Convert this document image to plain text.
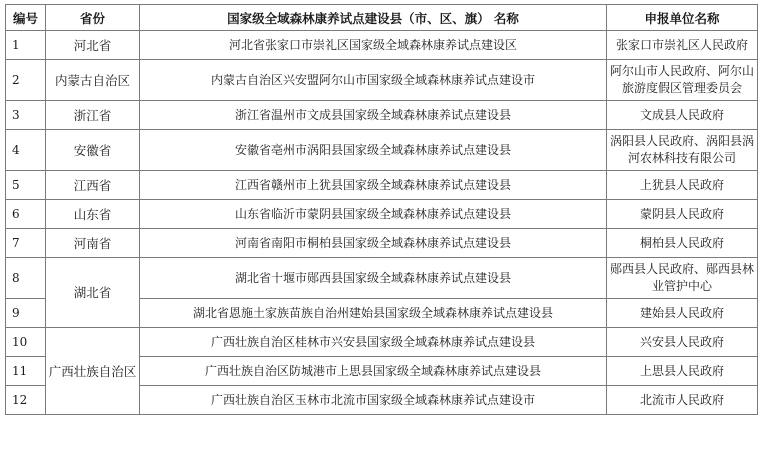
编号	省份	国家级全域森林康养试点建设县（市、区、旗） 名称	申报单位名称
1	河北省	河北省张家口市崇礼区国家级全域森林康养试点建设区	张家口市崇礼区人民政府
2	内蒙古自治区	内蒙古自治区兴安盟阿尔山市国家级全域森林康养试点建设市	阿尔山市人民政府、阿尔山旅游度假区管理委员会
3	浙江省	浙江省温州市文成县国家级全域森林康养试点建设县	文成县人民政府
4	安徽省	安徽省亳州市涡阳县国家级全域森林康养试点建设县	涡阳县人民政府、涡阳县涡河农林科技有限公司
5	江西省	江西省赣州市上犹县国家级全域森林康养试点建设县	上犹县人民政府
6	山东省	山东省临沂市蒙阴县国家级全域森林康养试点建设县	蒙阴县人民政府
7	河南省	河南省南阳市桐柏县国家级全域森林康养试点建设县	桐柏县人民政府
8	湖北省	湖北省十堰市郧西县国家级全域森林康养试点建设县	郧西县人民政府、郧西县林业管护中心
9		湖北省恩施土家族苗族自治州建始县国家级全域森林康养试点建设县	建始县人民政府
10	广西壮族自治区	广西壮族自治区桂林市兴安县国家级全域森林康养试点建设县	兴安县人民政府
11		广西壮族自治区防城港市上思县国家级全域森林康养试点建设县	上思县人民政府
12		广西壮族自治区玉林市北流市国家级全域森林康养试点建设市	北流市人民政府
